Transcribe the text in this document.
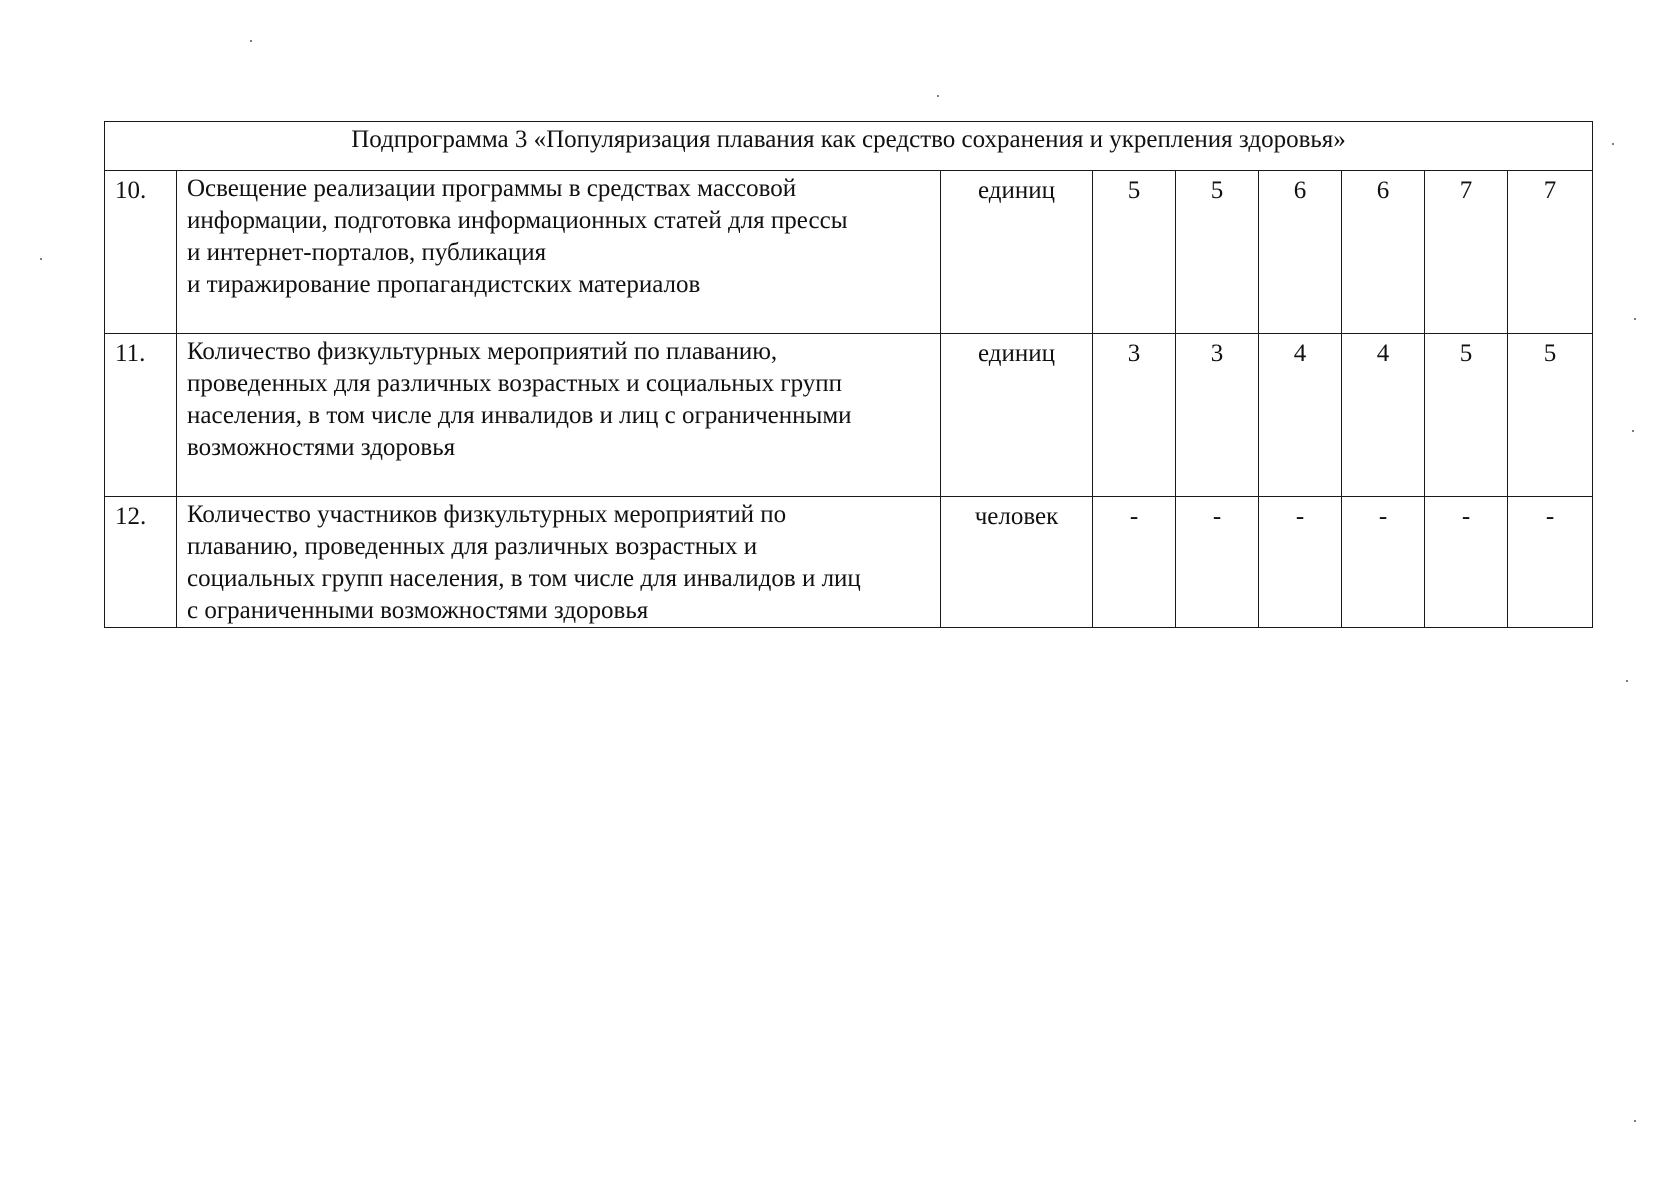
Подпрограмма 3 «Популяризация плавания как средство сохранения и укрепления здоровья»								
10.	Освещение реализации программы в средствах массовой
информации, подготовка информационных статей для прессы
и интернет-порталов, публикация
и тиражирование пропагандистских материалов	единиц	5	5	6	6	7	7
11.	Количество физкультурных мероприятий по плаванию,
проведенных для различных возрастных и социальных групп
населения, в том числе для инвалидов и лиц с ограниченными
возможностями здоровья	единиц	3	3	4	4	5	5
12.	Количество участников физкультурных мероприятий по
плаванию, проведенных для различных возрастных и
социальных групп населения, в том числе для инвалидов и лиц
с ограниченными возможностями здоровья	человек	-	-	-	-	-	-
